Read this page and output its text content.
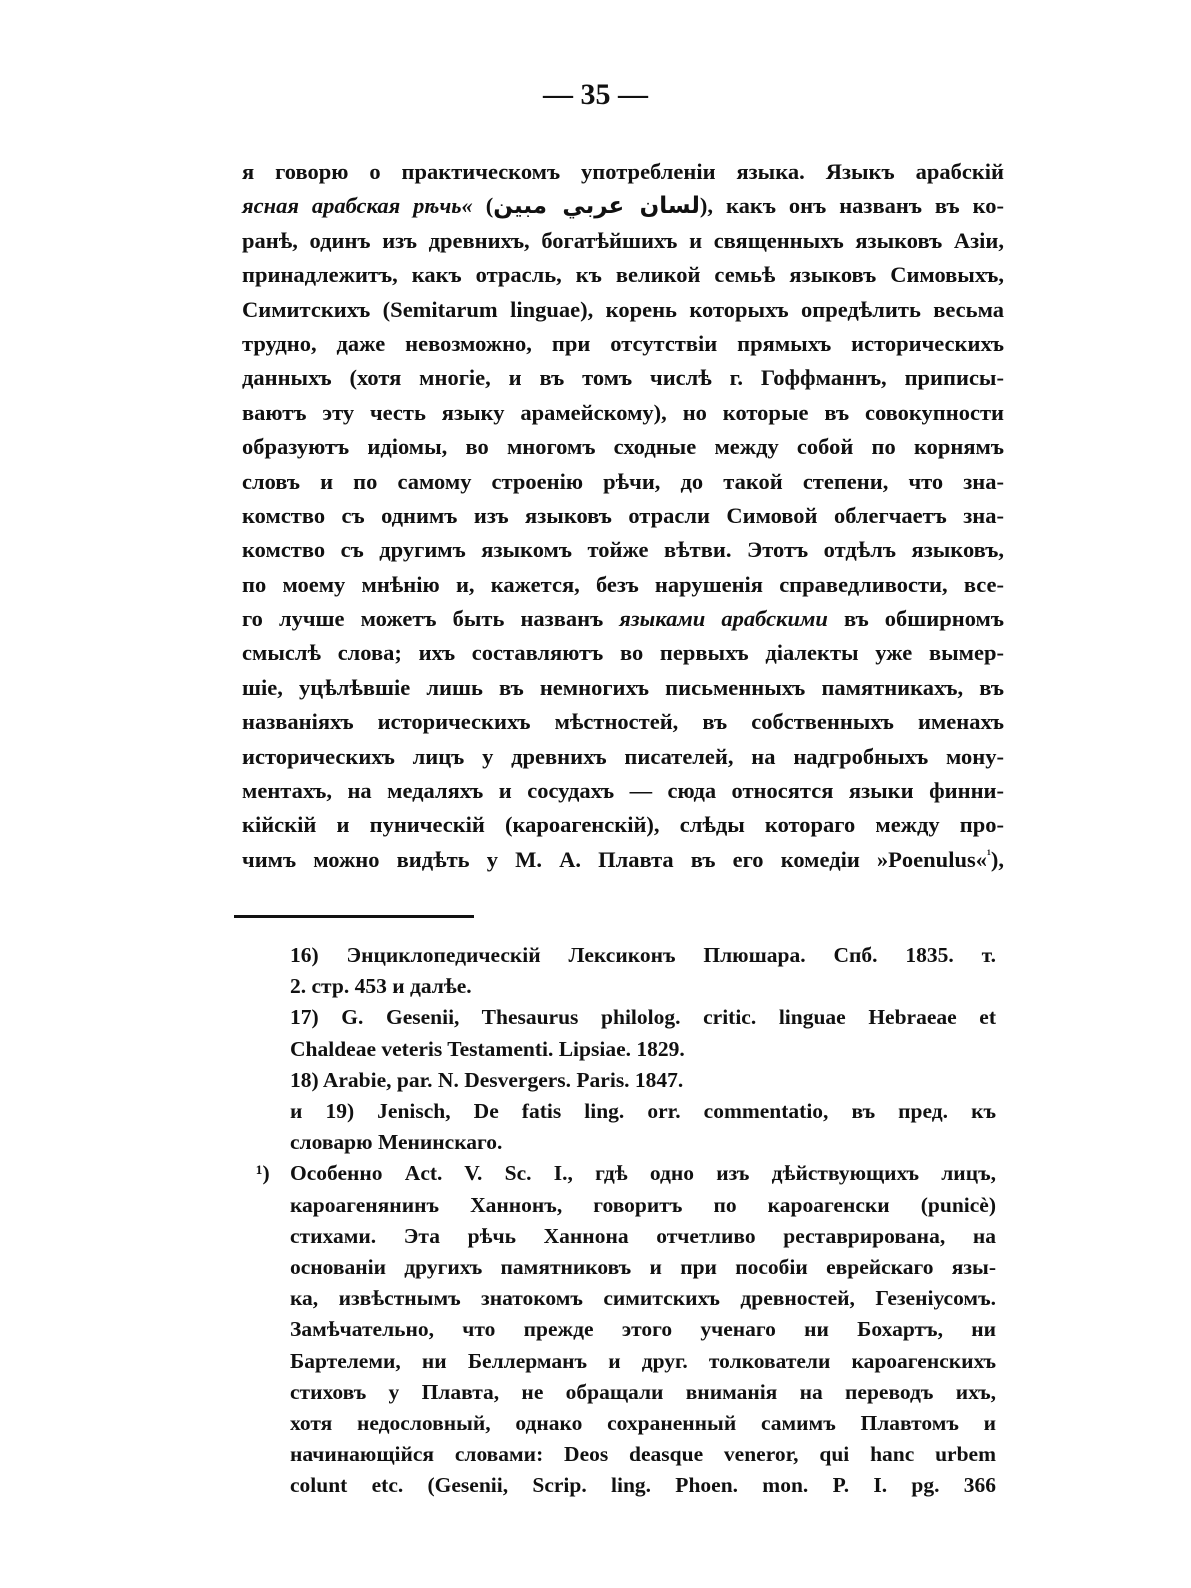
— 35 —
я говорю о практическомъ употребленіи языка. Языкъ арабскій
ясная арабская рѣчь« (لسان عربي مبين), какъ онъ названъ въ ко-
ранѣ, одинъ изъ древнихъ, богатѣйшихъ и священныхъ языковъ Азіи,
принадлежитъ, какъ отрасль, къ великой семьѣ языковъ Симовыхъ,
Симитскихъ (Semitarum linguae), корень которыхъ опредѣлить весьма
трудно, даже невозможно, при отсутствіи прямыхъ историческихъ
данныхъ (хотя многіе, и въ томъ числѣ г. Гоффманнъ, приписы-
ваютъ эту честь языку арамейскому), но которые въ совокупности
образуютъ идіомы, во многомъ сходные между собой по корнямъ
словъ и по самому строенію рѣчи, до такой степени, что зна-
комство съ однимъ изъ языковъ отрасли Симовой облегчаетъ зна-
комство съ другимъ языкомъ тойже вѣтви. Этотъ отдѣлъ языковъ,
по моему мнѣнію и, кажется, безъ нарушенія справедливости, все-
го лучше можетъ быть названъ языками арабскими въ обширномъ
смыслѣ слова; ихъ составляютъ во первыхъ діалекты уже вымер-
шіе, уцѣлѣвшіе лишь въ немногихъ письменныхъ памятникахъ, въ
названіяхъ историческихъ мѣстностей, въ собственныхъ именахъ
историческихъ лицъ у древнихъ писателей, на надгробныхъ мону-
ментахъ, на медаляхъ и сосудахъ — сюда относятся языки финни-
кійскій и пуническій (кароагенскій), слѣды котораго между про-
чимъ можно видѣть у М. А. Плавта въ его комедіи »Poenulus«$^{^1}$),
16) Энциклопедическій Лексиконъ Плюшара. Спб. 1835. т.
2. стр. 453 и далѣе.
17) G. Gesenii, Thesaurus philolog. critic. linguae Hebraeae et
Chaldeae veteris Testamenti. Lipsiae. 1829.
18) Arabie, par. N. Desvergers. Paris. 1847.
и 19) Jenisch, De fatis ling. orr. commentatio, въ пред. къ
словарю Менинскаго.
¹) Особенно Act. V. Sc. I., гдѣ одно изъ дѣйствующихъ лицъ,
кароагенянинъ Ханнонъ, говоритъ по кароагенски (punicè)
стихами. Эта рѣчь Ханнона отчетливо реставрирована, на
основаніи другихъ памятниковъ и при пособіи еврейскаго язы-
ка, извѣстнымъ знатокомъ симитскихъ древностей, Гезеніусомъ.
Замѣчательно, что прежде этого ученаго ни Бохартъ, ни
Бартелеми, ни Беллерманъ и друг. толкователи кароагенскихъ
стиховъ у Плавта, не обращали вниманія на переводъ ихъ,
хотя недословный, однако сохраненный самимъ Плавтомъ и
начинающійся словами: Deos deasque veneror, qui hanc urbem
colunt etc. (Gesenii, Scrip. ling. Phoen. mon. P. I. pg. 366
